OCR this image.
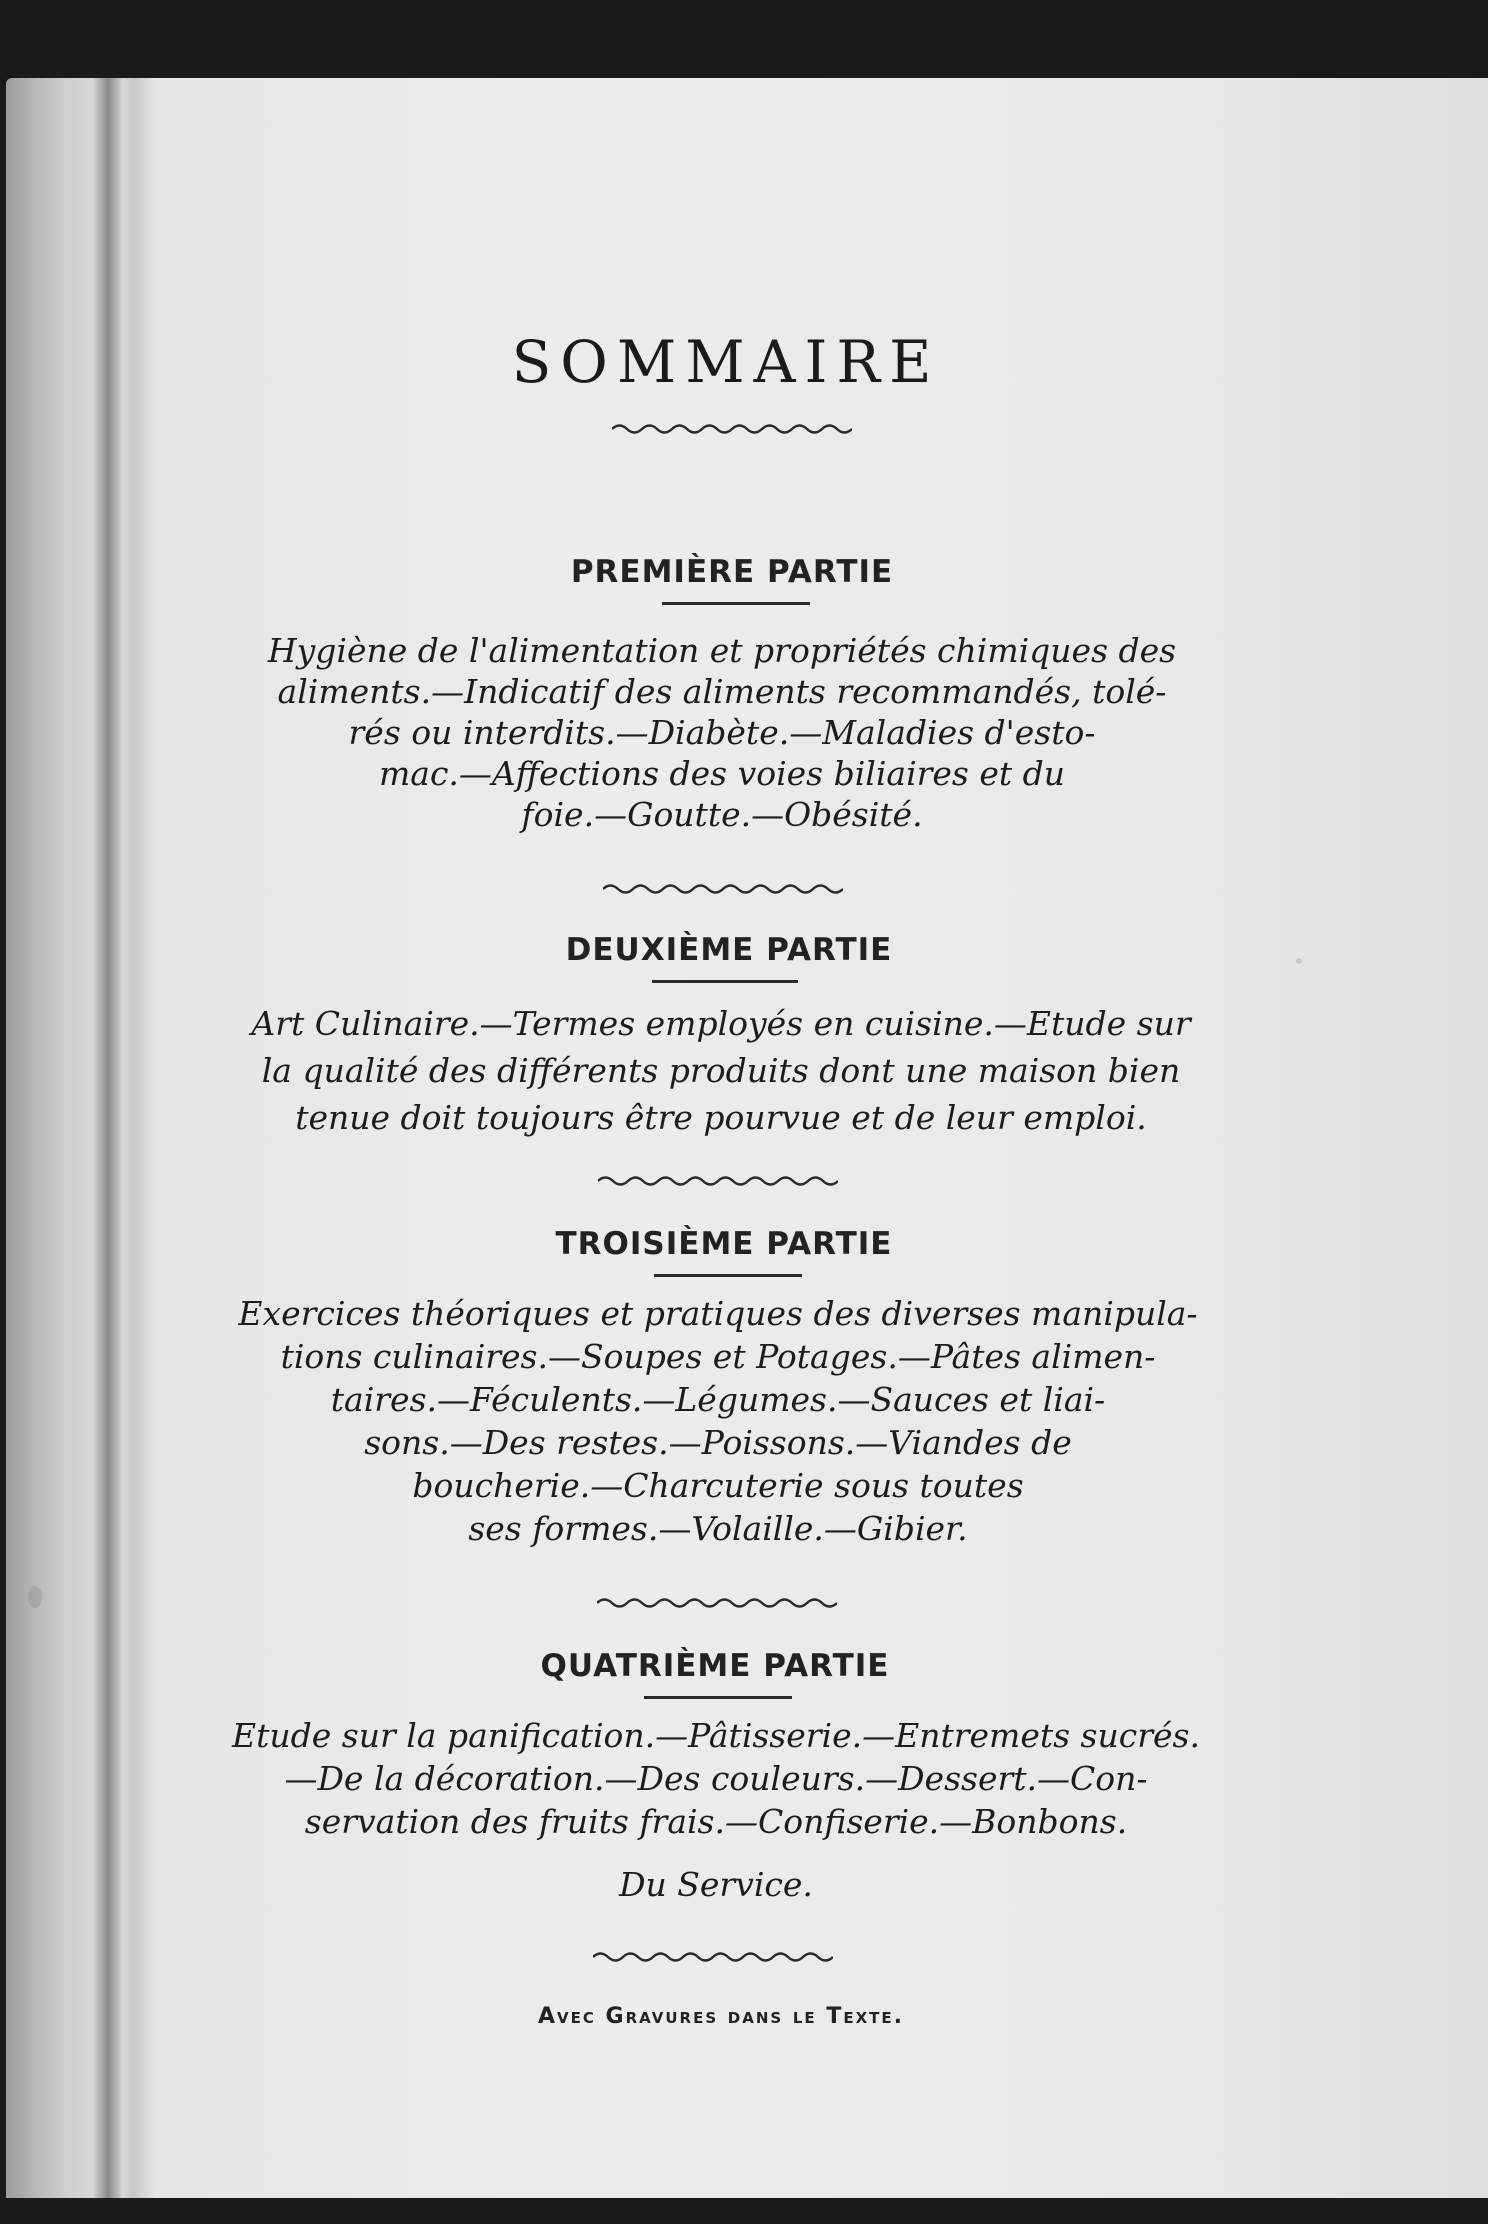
SOMMAIRE
PREMIÈRE PARTIE

Hygiène de l'alimentation et propriétés chimiques des
aliments.—Indicatif des aliments recommandés, tolé-
rés ou interdits.—Diabète.—Maladies d'esto-
mac.—Affections des voies biliaires et du
foie.—Goutte.—Obésité.

DEUXIÈME PARTIE

Art Culinaire.—Termes employés en cuisine.—Etude sur
la qualité des différents produits dont une maison bien
tenue doit toujours être pourvue et de leur emploi.

TROISIÈME PARTIE

Exercices théoriques et pratiques des diverses manipula-
tions culinaires.—Soupes et Potages.—Pâtes alimen-
taires.—Féculents.—Légumes.—Sauces et liai-
sons.—Des restes.—Poissons.—Viandes de
boucherie.—Charcuterie sous toutes
ses formes.—Volaille.—Gibier.

QUATRIÈME PARTIE

Etude sur la panification.—Pâtisserie.—Entremets sucrés.
—De la décoration.—Des couleurs.—Dessert.—Con-
servation des fruits frais.—Confiserie.—Bonbons.

Du Service.

Avec Gravures dans le Texte.
